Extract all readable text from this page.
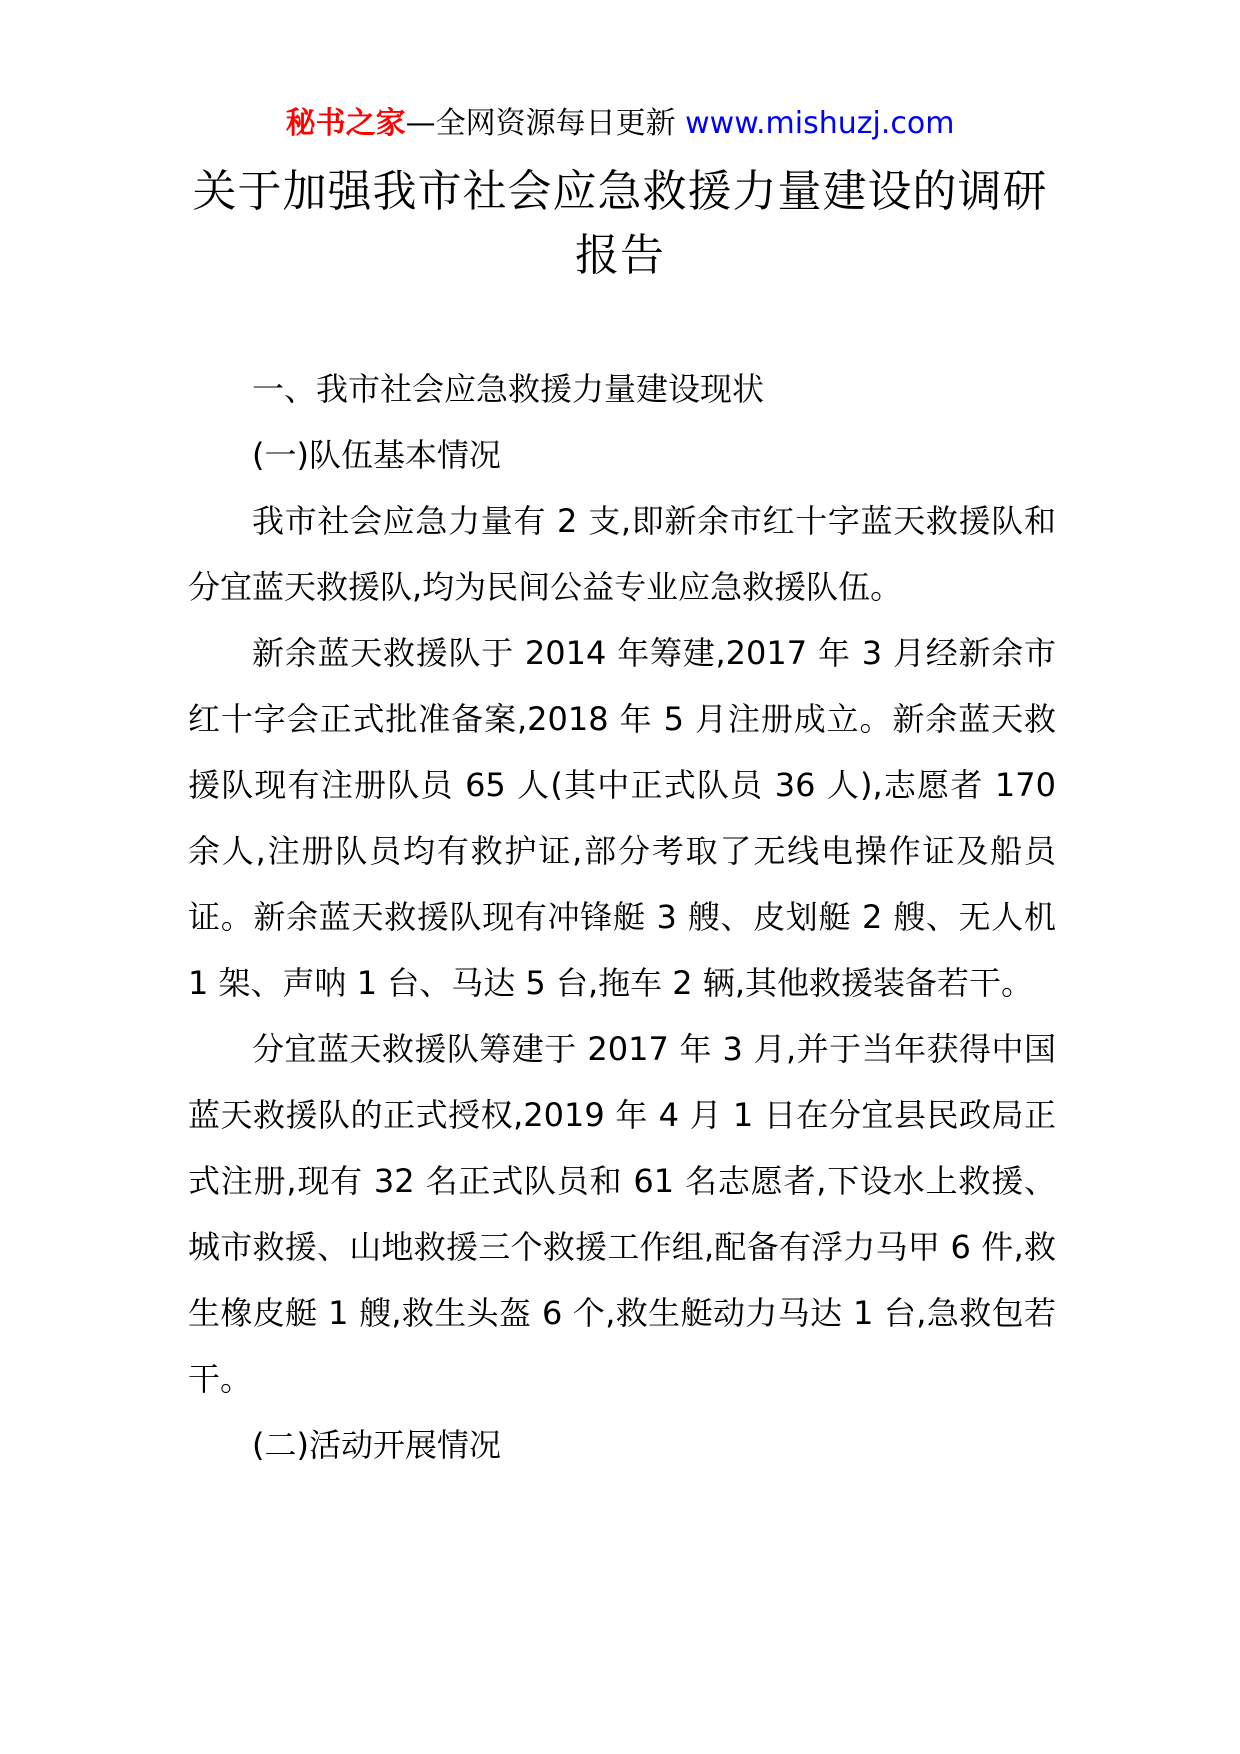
秘书之家—全网资源每日更新 www.mishuzj.com
关于加强我市社会应急救援力量建设的调研报告

一、我市社会应急救援力量建设现状

(一)队伍基本情况

我市社会应急力量有 2 支,即新余市红十字蓝天救援队和分宜蓝天救援队,均为民间公益专业应急救援队伍。

新余蓝天救援队于 2014 年筹建,2017 年 3 月经新余市红十字会正式批准备案,2018 年 5 月注册成立。新余蓝天救援队现有注册队员 65 人(其中正式队员 36 人),志愿者 170 余人,注册队员均有救护证,部分考取了无线电操作证及船员证。新余蓝天救援队现有冲锋艇 3 艘、皮划艇 2 艘、无人机 1 架、声呐 1 台、马达 5 台,拖车 2 辆,其他救援装备若干。

分宜蓝天救援队筹建于 2017 年 3 月,并于当年获得中国蓝天救援队的正式授权,2019 年 4 月 1 日在分宜县民政局正式注册,现有 32 名正式队员和 61 名志愿者,下设水上救援、城市救援、山地救援三个救援工作组,配备有浮力马甲 6 件,救生橡皮艇 1 艘,救生头盔 6 个,救生艇动力马达 1 台,急救包若干。

(二)活动开展情况
